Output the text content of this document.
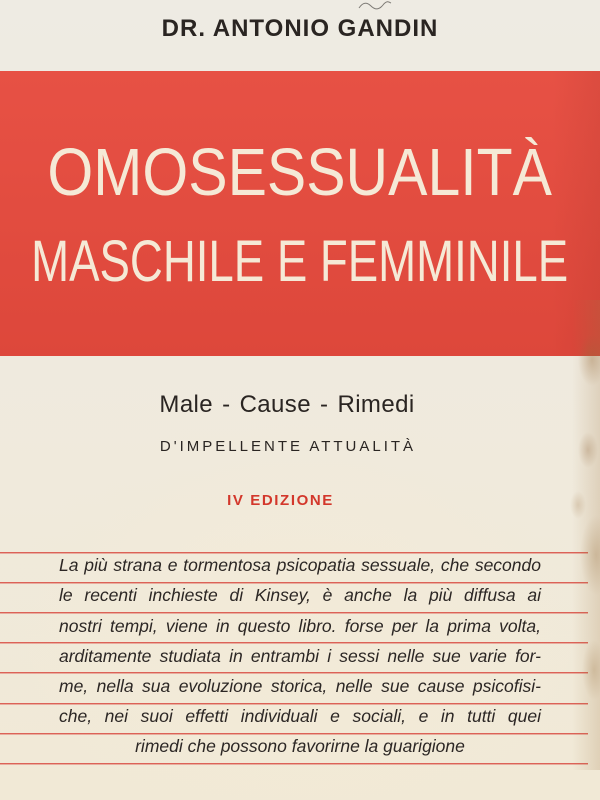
DR. ANTONIO GANDIN
OMOSESSUALITÀ
MASCHILE E FEMMINILE
Male - Cause - Rimedi
D'IMPELLENTE ATTUALITÀ
IV EDIZIONE
La più strana e tormentosa psicopatia sessuale, che secondo
le recenti inchieste di Kinsey, è anche la più diffusa ai
nostri tempi, viene in questo libro. forse per la prima volta,
arditamente studiata in entrambi i sessi nelle sue varie for-
me, nella sua evoluzione storica, nelle sue cause psicofisi-
che, nei suoi effetti individuali e sociali, e in tutti quei
rimedi che possono favorirne la guarigione
